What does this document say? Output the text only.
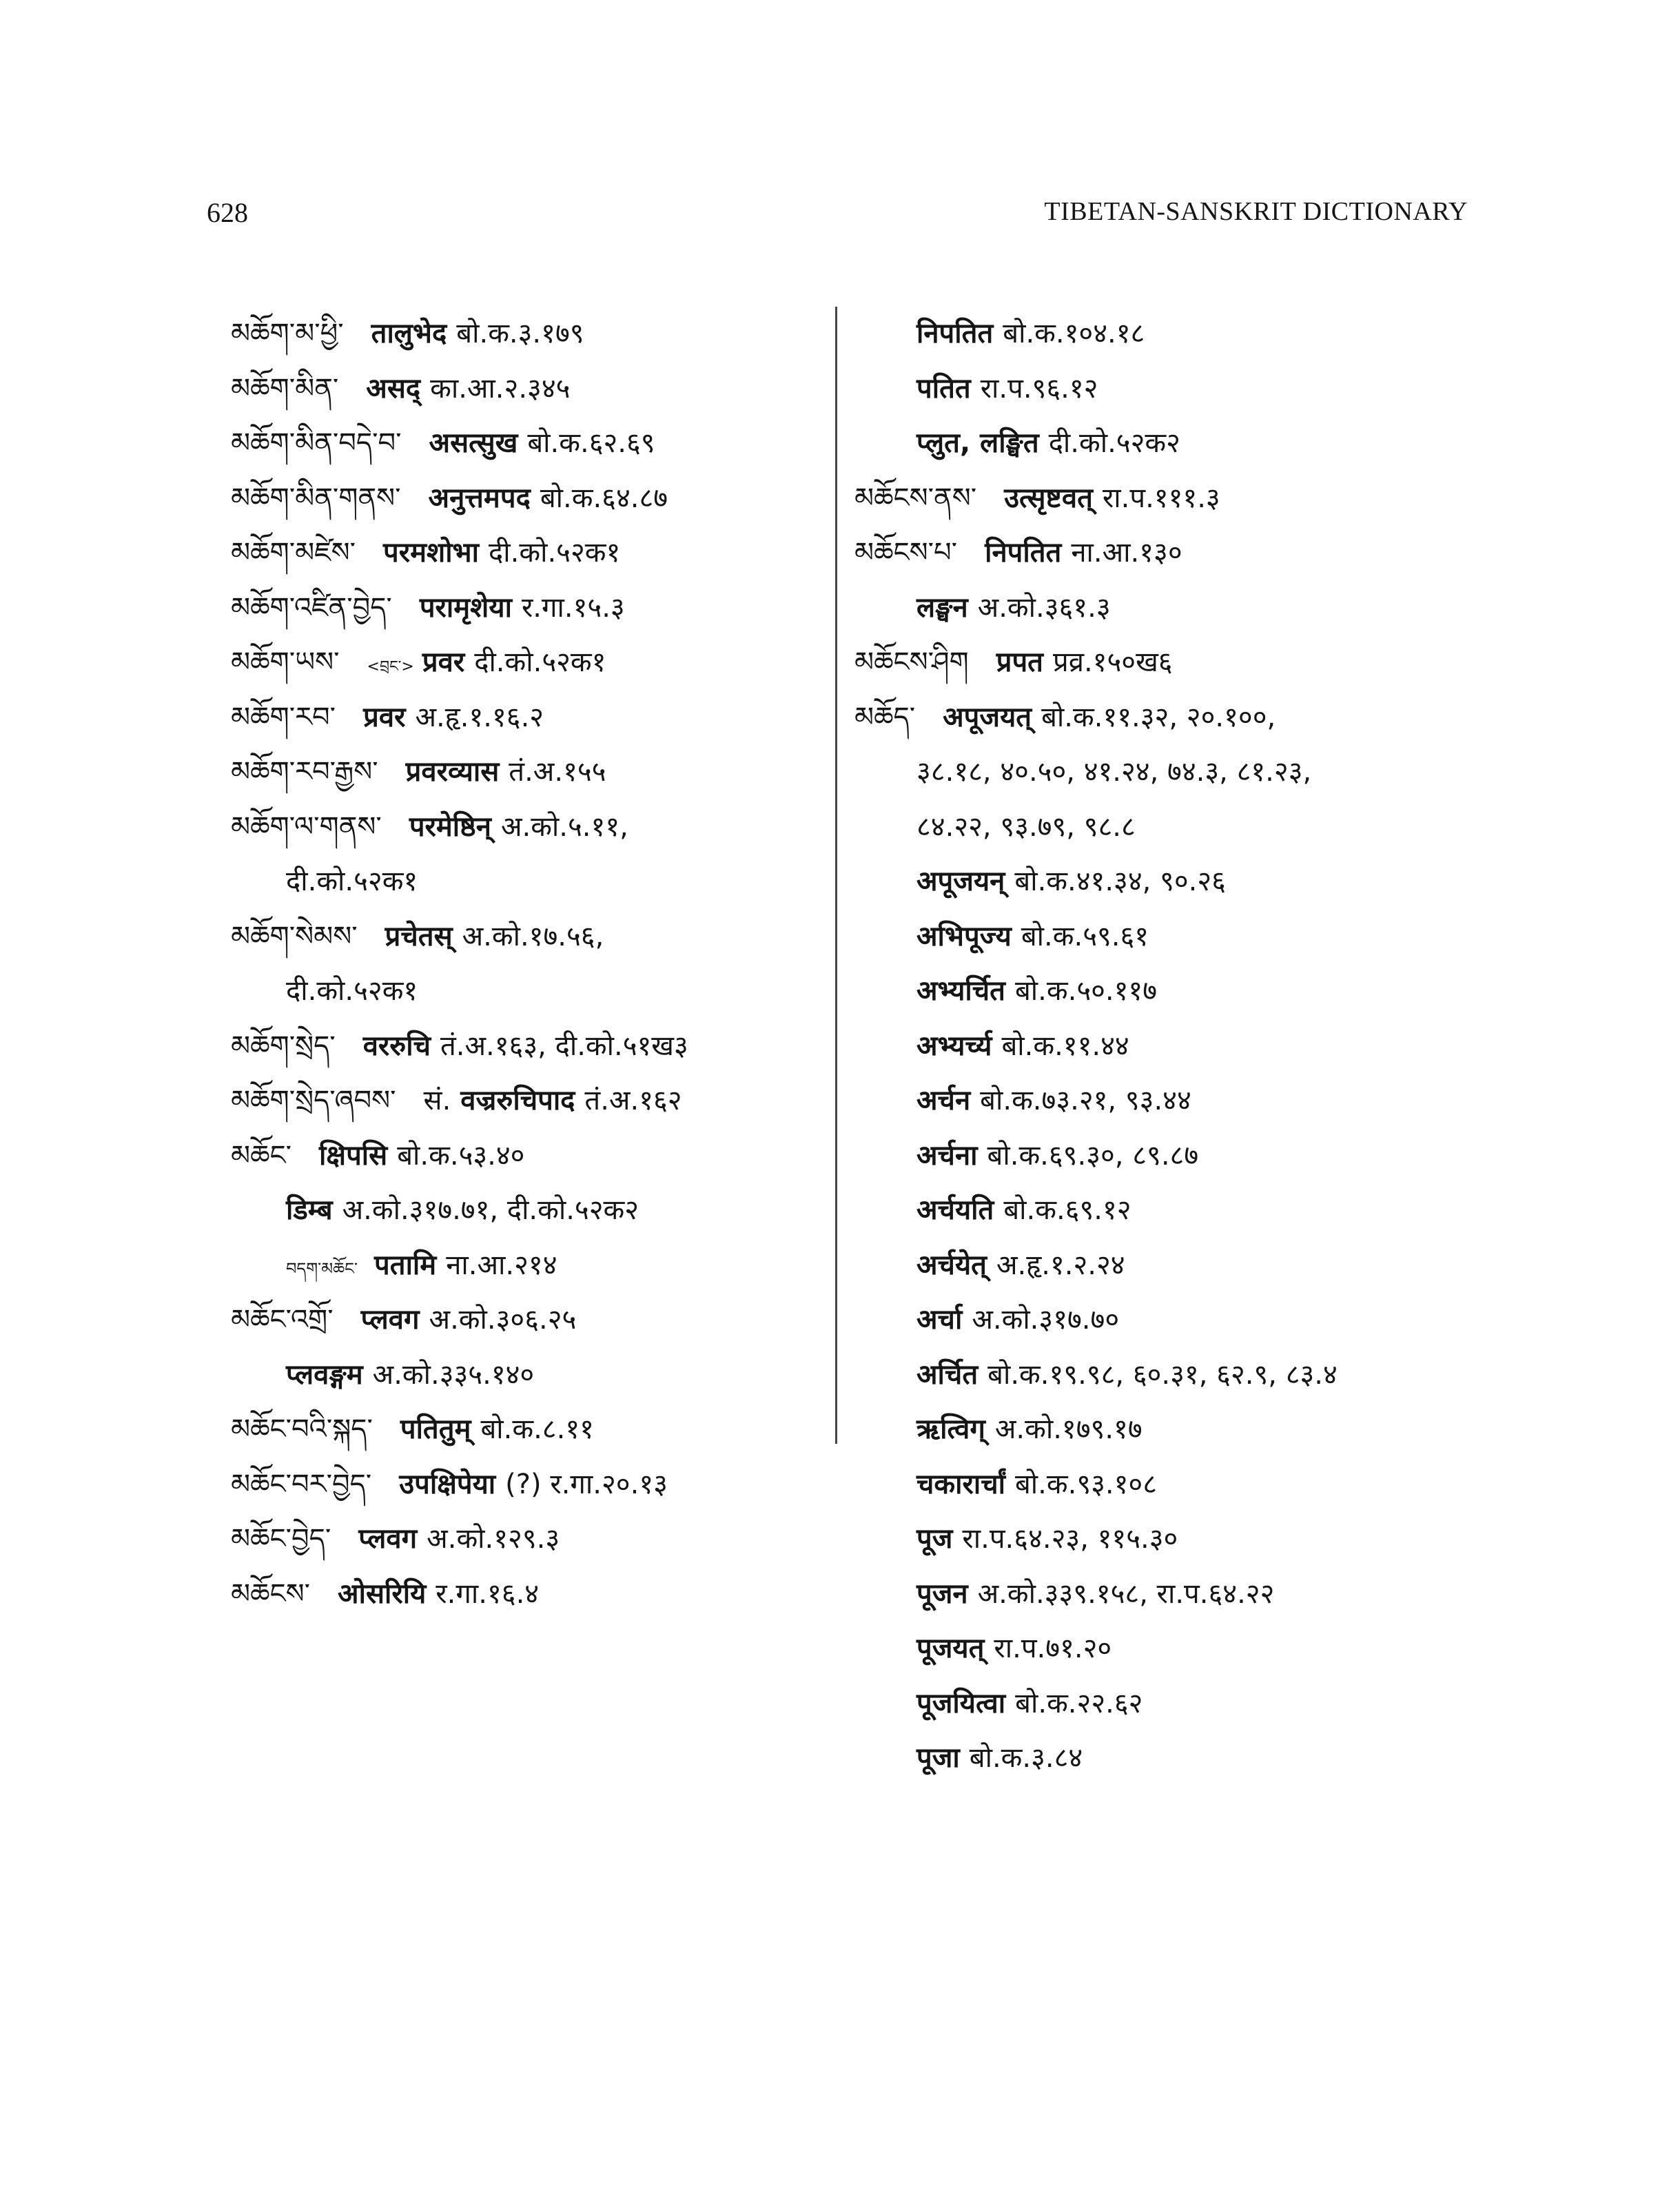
628	TIBETAN-SANSKRIT DICTIONARY
མཆོག་མ་ཕྱི་ तालुभेद बो.क.३.१७९
མཆོག་མིན་ असद् का.आ.२.३४५
མཆོག་མིན་བདེ་བ་ असत्सुख बो.क.६२.६९
མཆོག་མིན་གནས་ अनुत्तमपद बो.क.६४.८७
མཆོག་མཛེས་ परमशोभा दी.को.५२क१
མཆོག་འཛིན་བྱེད་ परामृशेया र.गा.१५.३
མཆོག་ཡས་ <བྲང་> प्रवर दी.को.५२क१
མཆོག་རབ་ प्रवर अ.हृ.१.१६.२
མཆོག་རབ་རྒྱས་ प्रवरव्यास तं.अ.१५५
མཆོག་ལ་གནས་ परमेष्ठिन् अ.को.५.११,
दी.को.५२क१
མཆོག་སེམས་ प्रचेतस् अ.को.१७.५६,
दी.को.५२क१
མཆོག་སྲེད་ वररुचि तं.अ.१६३, दी.को.५१ख३
མཆོག་སྲེད་ཞབས་ सं. वज्ररुचिपाद तं.अ.१६२
མཆོང་ क्षिपसि बो.क.५३.४०
डिम्ब अ.को.३१७.७१, दी.को.५२क२
བདག་མཆོང་ पतामि ना.आ.२१४
མཆོང་འགྲོ་ प्लवग अ.को.३०६.२५
प्लवङ्गम अ.को.३३५.१४०
མཆོང་བའི་སྐད་ पतितुम् बो.क.८.११
མཆོང་བར་བྱེད་ उपक्षिपेया (?) र.गा.२०.१३
མཆོང་བྱེད་ प्लवग अ.को.१२९.३
མཆོངས་ ओसरियि र.गा.१६.४
निपतित बो.क.१०४.१८
पतित रा.प.९६.१२
प्लुत, लङ्घित दी.को.५२क२
མཆོངས་ནས་ उत्सृष्टवत् रा.प.१११.३
མཆོངས་པ་ निपतित ना.आ.१३०
लङ्घन अ.को.३६१.३
མཆོངས་ཤིག प्रपत प्रव्र.१५०ख६
མཆོད་ अपूजयत् बो.क.११.३२, २०.१००,
३८.१८, ४०.५०, ४१.२४, ७४.३, ८१.२३,
८४.२२, ९३.७९, ९८.८
अपूजयन् बो.क.४१.३४, ९०.२६
अभिपूज्य बो.क.५९.६१
अभ्यर्चित बो.क.५०.११७
अभ्यर्च्य बो.क.११.४४
अर्चन बो.क.७३.२१, ९३.४४
अर्चना बो.क.६९.३०, ८९.८७
अर्चयति बो.क.६९.१२
अर्चयेत् अ.हृ.१.२.२४
अर्चा अ.को.३१७.७०
अर्चित बो.क.१९.९८, ६०.३१, ६२.९, ८३.४
ऋत्विग् अ.को.१७९.१७
चकारार्चां बो.क.९३.१०८
पूज रा.प.६४.२३, ११५.३०
पूजन अ.को.३३९.१५८, रा.प.६४.२२
पूजयत् रा.प.७१.२०
पूजयित्वा बो.क.२२.६२
पूजा बो.क.३.८४
